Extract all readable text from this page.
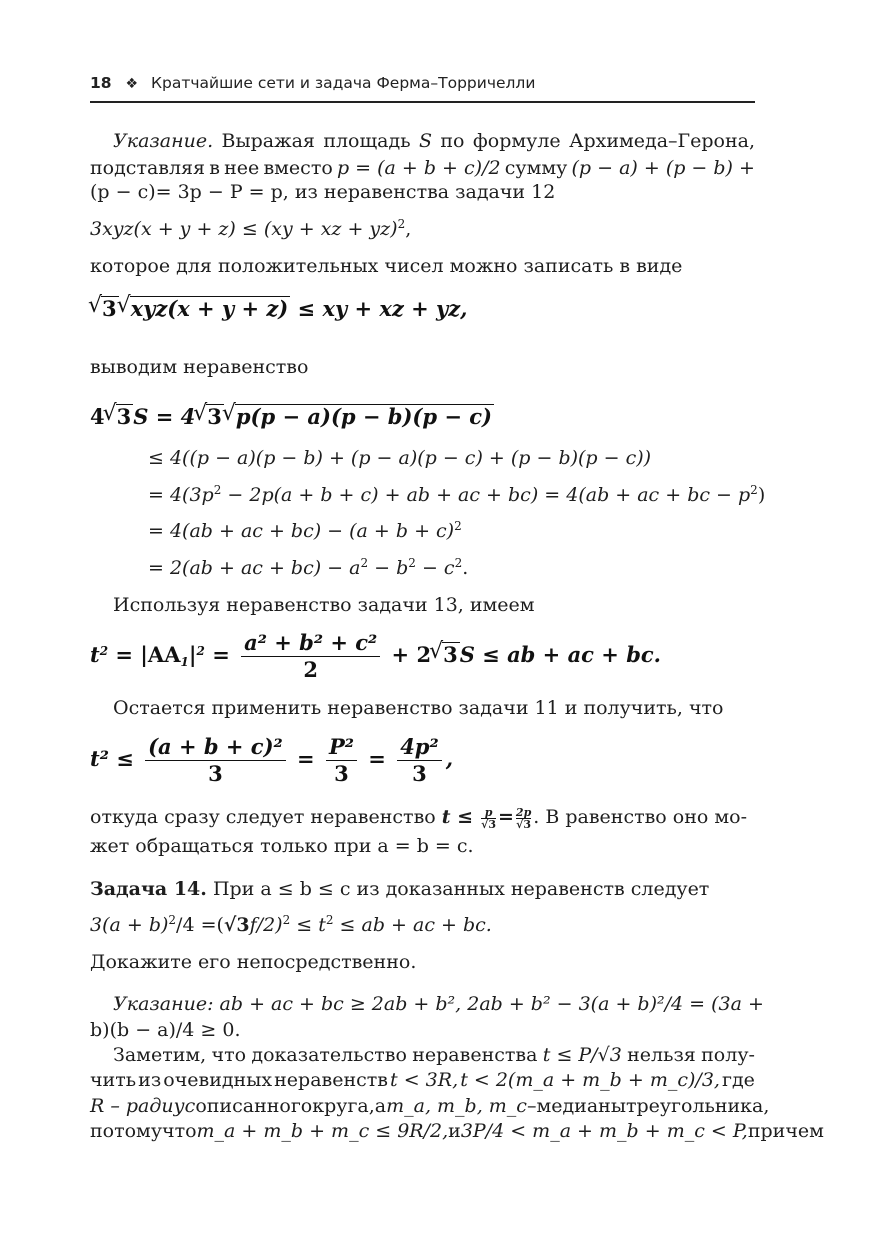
18 ❖ Кратчайшие сети и задача Ферма–Торричелли
Указание. Выражая площадь S по формуле Архимеда–Герона,
подставляя в нее вместо p = (a + b + c)/2 сумму (p − a) + (p − b) +
(p − c)= 3p − P = p, из неравенства задачи 12
3xyz(x + y + z) ≤ (xy + xz + yz)$^2$,
которое для положительных чисел можно записать в виде
√ 3 √ xyz(x + y + z) ≤ xy + xz + yz,
выводим неравенство
4 √ 3S = 4 √ 3 √ p(p − a)(p − b)(p − c)
≤ 4((p − a)(p − b) + (p − a)(p − c) + (p − b)(p − c))
= $4(3p^2 - 2p(a + b + c)$ + ab + ac + bc) = 4(ab + ac + bc − $p^2$)
= 4(ab + ac + $bc) - (a + b + c)^2$
= 2(ab + ac + $bc) - a^2 - b^2 - c^2$.
Используя неравенство задачи 13, имеем
$t^2 = |AA_1|^2 = \frac{\text{a² + b² + c²}}{2} + 2$ √ 3S ≤ ab + ac + bc.
Остается применить неравенство задачи 11 и получить, что
$t^2 \le \frac{\text{(a + b + c)²}}{3} = \frac{\text{P²}}{3} = \frac{\text{4p²}}{3}$ ,
откуда сразу следует неравенство $t \le \frac{p}{√3} = \frac{2p}{√3}$ . В равенство оно мо-
жет обращаться только при a = b = c.
Задача 14. При a ≤ b ≤ c из доказанных неравенств следует
$3(a + b)^2/4 =(√3f/2)^2 \le t^2$ ≤ ab + ac + bc.
Докажите его непосредственно.
Указание: ab + ac + bc ≥ 2ab + b², 2ab + b² − 3(a + b)²/4 = (3a +
b)(b − a)/4 ≥ 0.
Заметим, что доказательство неравенства t ≤ P/√3 нельзя полу-
чить из очевидных неравенств t < 3R, t < 2(m_a + m_b + m_c)/3, где
R – радиус описанного круга, а m_a, m_b, m_c – медианы треугольника,
потому что m_a + m_b + m_c ≤ 9R/2, и 3P/4 < m_a + m_b + m_c < P, причем
